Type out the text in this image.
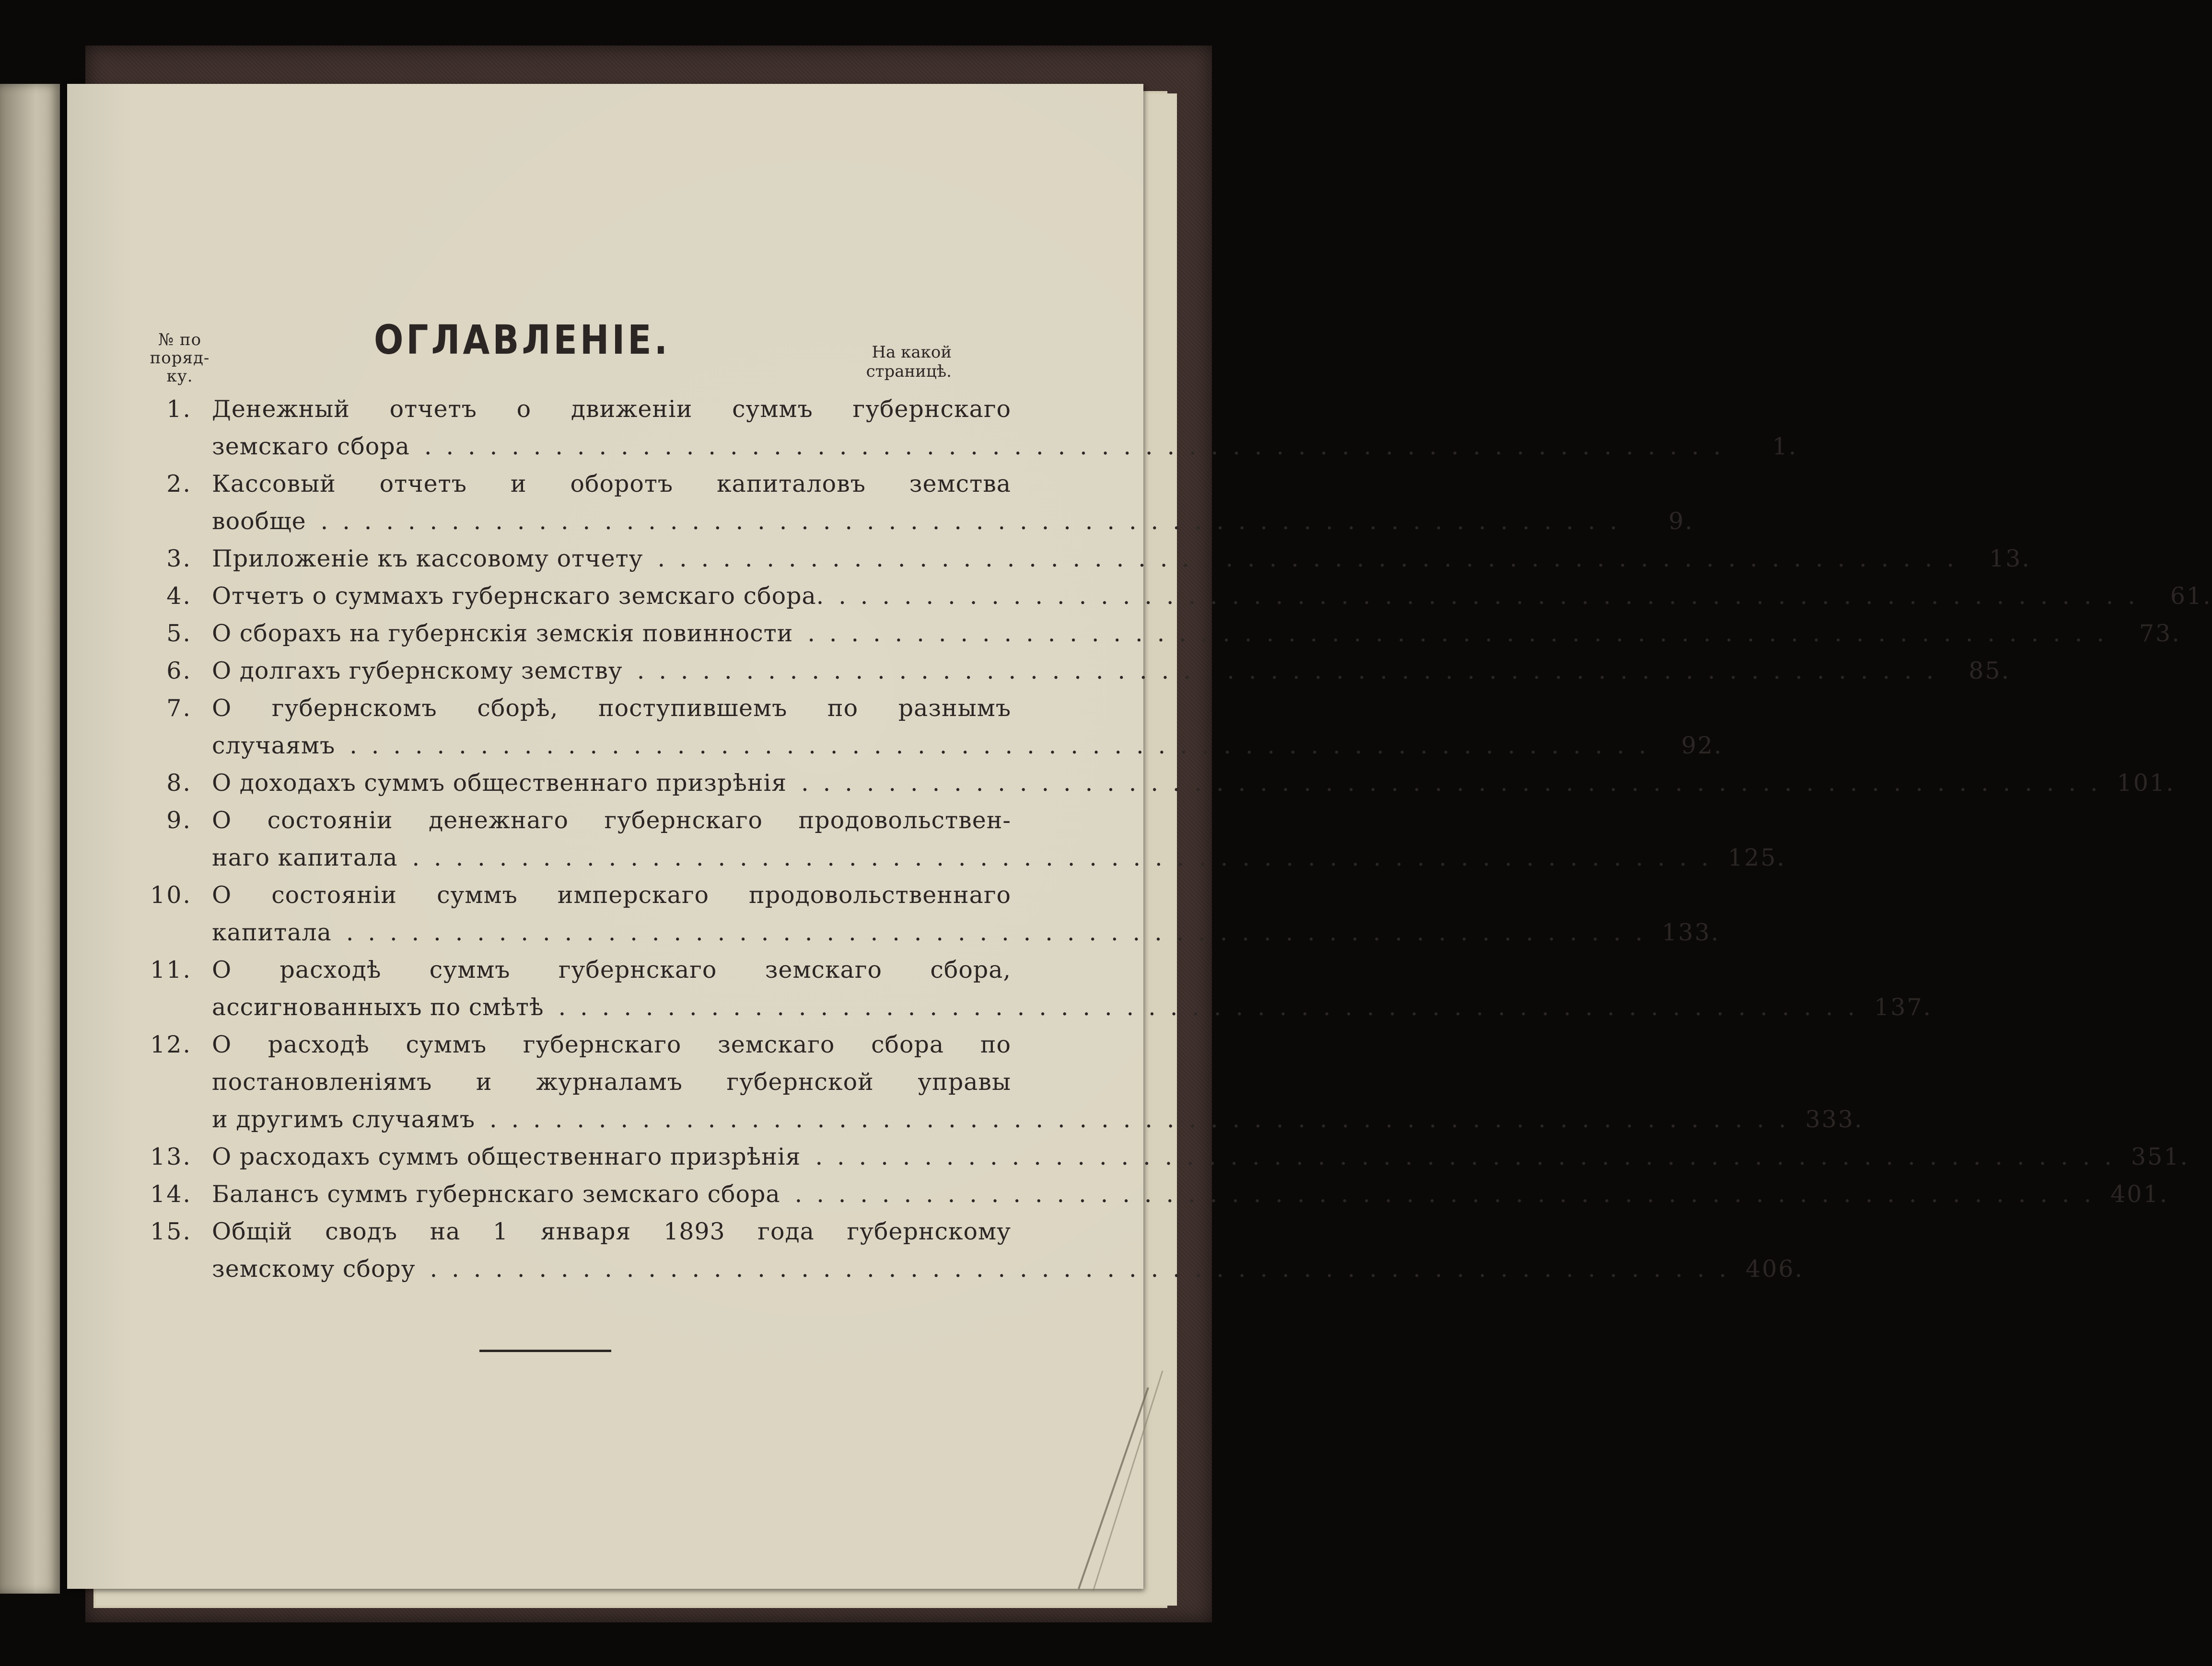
№ по
поряд-
ку.
ОГЛАВЛЕНІЕ.	На какой
страницѣ.
1. Денежный отчетъ о движеніи суммъ губернскаго
земскаго сбора ............................................................	1.
2. Кассовый отчетъ и оборотъ капиталовъ земства
вообще ............................................................	9.
3. Приложеніе къ кассовому отчету ............................................................ 13.
4. Отчетъ о суммахъ губернскаго земскаго сбора. ............................................................ 61.
5. О сборахъ на губернскія земскія повинности ............................................................ 73.
6. О долгахъ губернскому земству ............................................................ 85.
7. О губернскомъ сборѣ, поступившемъ по разнымъ
случаямъ ............................................................ 92.
8. О доходахъ суммъ общественнаго призрѣнія ............................................................ 101.
9. О состояніи денежнаго губернскаго продовольствен-
наго капитала ............................................................ 125.
10. О состояніи суммъ имперскаго продовольственнаго
капитала ............................................................ 133.
11. О расходѣ суммъ губернскаго земскаго сбора,
ассигнованныхъ по смѣтѣ ............................................................ 137.
12. О расходѣ суммъ губернскаго земскаго сбора по
постановленіямъ и журналамъ губернской управы
и другимъ случаямъ ............................................................ 333.
13. О расходахъ суммъ общественнаго призрѣнія ............................................................ 351.
14. Балансъ суммъ губернскаго земскаго сбора ............................................................ 401.
15. Общій сводъ на 1 января 1893 года губернскому
земскому сбору ............................................................ 406.
